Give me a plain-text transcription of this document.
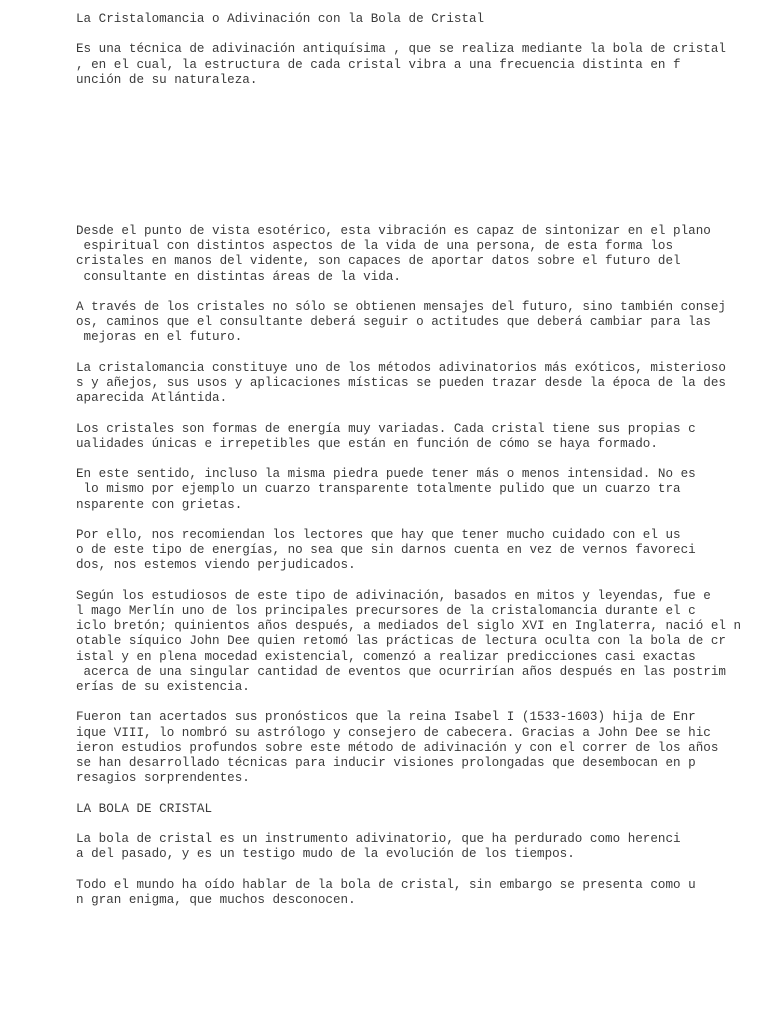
La Cristalomancia o Adivinación con la Bola de Cristal
Es una técnica de adivinación antiquísima , que se realiza mediante la bola de cristal
, en el cual, la estructura de cada cristal vibra a una frecuencia distinta en f
unción de su naturaleza.
Desde el punto de vista esotérico, esta vibración es capaz de sintonizar en el plano
espiritual con distintos aspectos de la vida de una persona, de esta forma los
cristales en manos del vidente, son capaces de aportar datos sobre el futuro del
consultante en distintas áreas de la vida.
A través de los cristales no sólo se obtienen mensajes del futuro, sino también consej
os, caminos que el consultante deberá seguir o actitudes que deberá cambiar para las
mejoras en el futuro.
La cristalomancia constituye uno de los métodos adivinatorios más exóticos, misterioso
s y añejos, sus usos y aplicaciones místicas se pueden trazar desde la época de la des
aparecida Atlántida.
Los cristales son formas de energía muy variadas. Cada cristal tiene sus propias c
ualidades únicas e irrepetibles que están en función de cómo se haya formado.
En este sentido, incluso la misma piedra puede tener más o menos intensidad. No es
lo mismo por ejemplo un cuarzo transparente totalmente pulido que un cuarzo tra
nsparente con grietas.
Por ello, nos recomiendan los lectores que hay que tener mucho cuidado con el us
o de este tipo de energías, no sea que sin darnos cuenta en vez de vernos favoreci
dos, nos estemos viendo perjudicados.
Según los estudiosos de este tipo de adivinación, basados en mitos y leyendas, fue e
l mago Merlín uno de los principales precursores de la cristalomancia durante el c
iclo bretón; quinientos años después, a mediados del siglo XVI en Inglaterra, nació el n
otable síquico John Dee quien retomó las prácticas de lectura oculta con la bola de cr
istal y en plena mocedad existencial, comenzó a realizar predicciones casi exactas
acerca de una singular cantidad de eventos que ocurrirían años después en las postrim
erías de su existencia.
Fueron tan acertados sus pronósticos que la reina Isabel I (1533-1603) hija de Enr
ique VIII, lo nombró su astrólogo y consejero de cabecera. Gracias a John Dee se hic
ieron estudios profundos sobre este método de adivinación y con el correr de los años
se han desarrollado técnicas para inducir visiones prolongadas que desembocan en p
resagios sorprendentes.
LA BOLA DE CRISTAL
La bola de cristal es un instrumento adivinatorio, que ha perdurado como herenci
a del pasado, y es un testigo mudo de la evolución de los tiempos.
Todo el mundo ha oído hablar de la bola de cristal, sin embargo se presenta como u
n gran enigma, que muchos desconocen.
